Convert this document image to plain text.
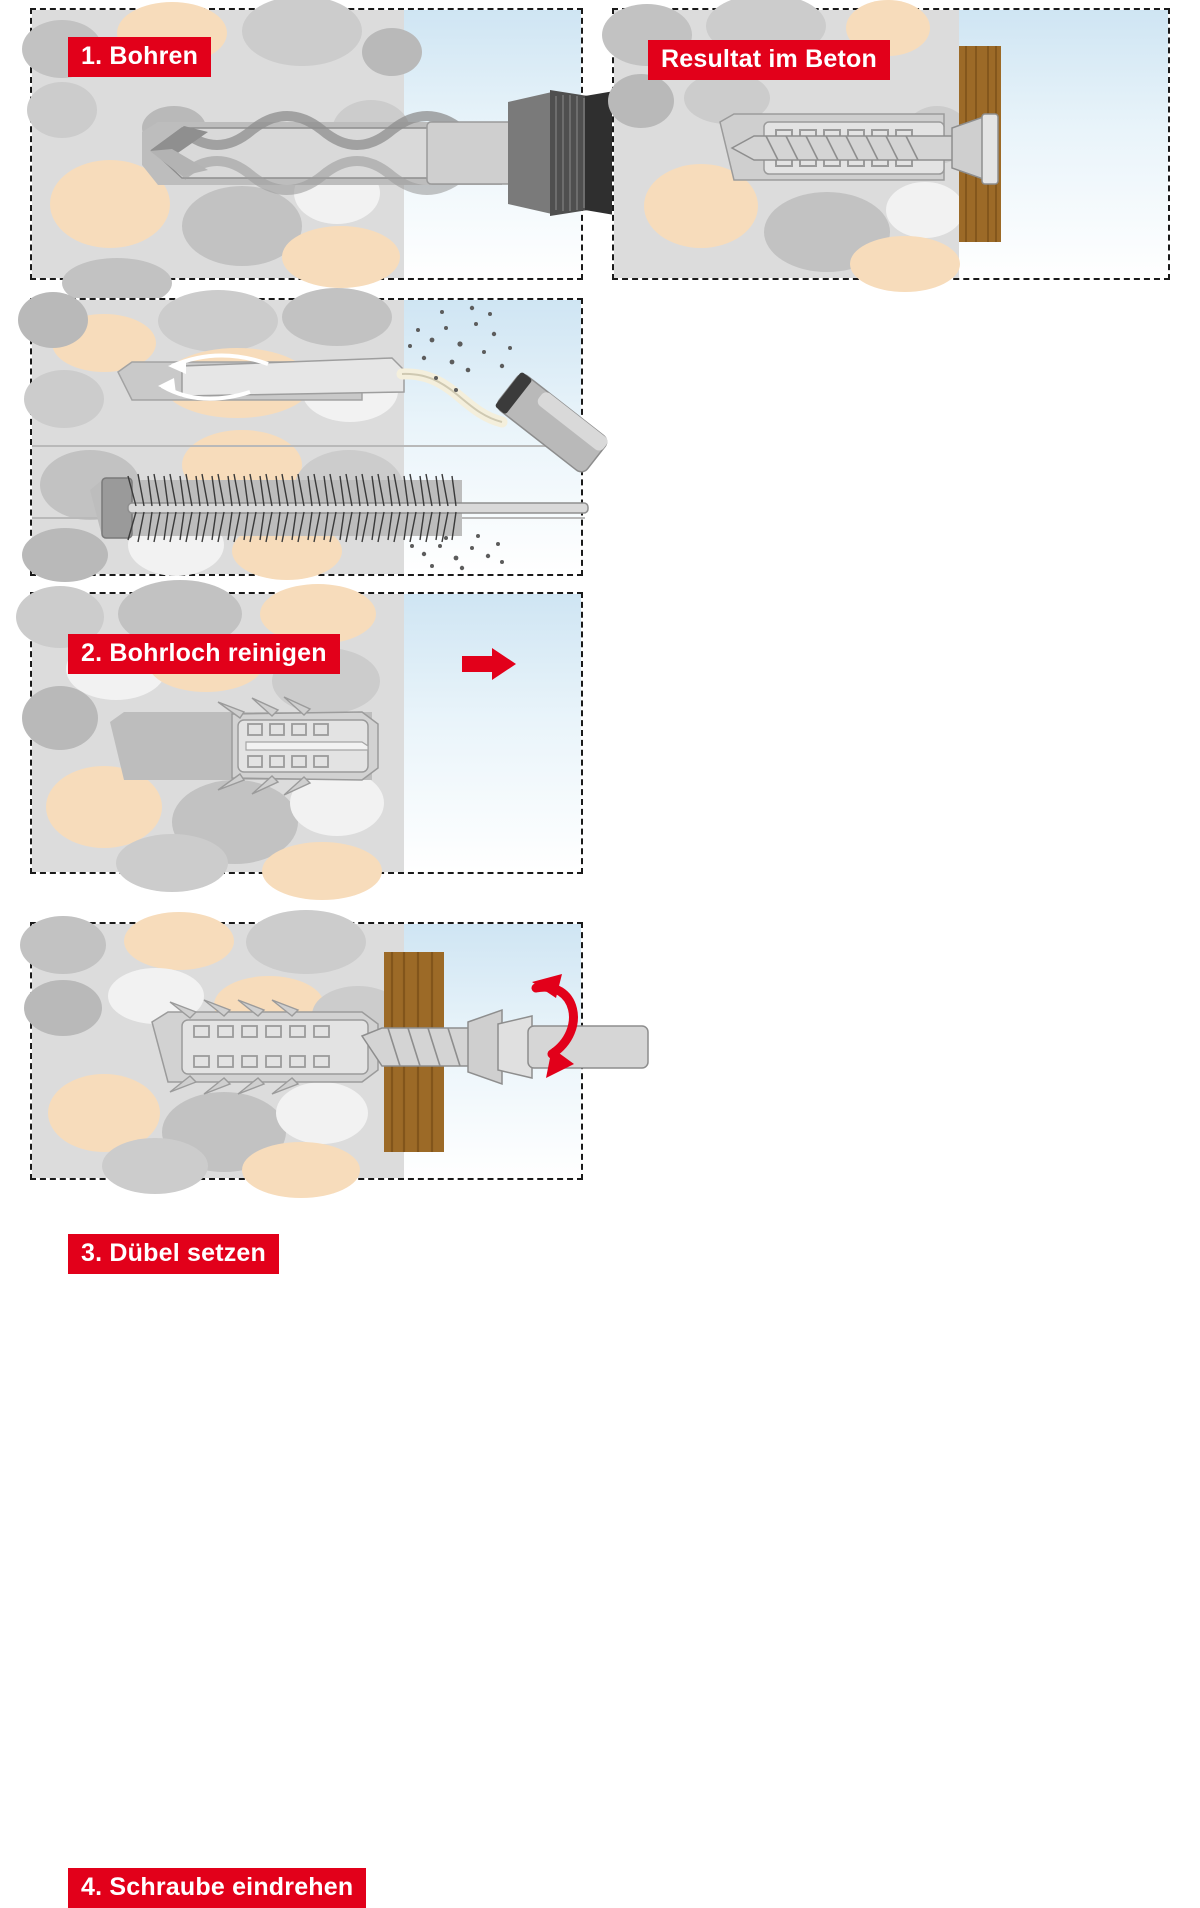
1. Bohren	Resultat im Beton
2. Bohrloch reinigen
3. Dübel setzen
4. Schraube eindrehen
